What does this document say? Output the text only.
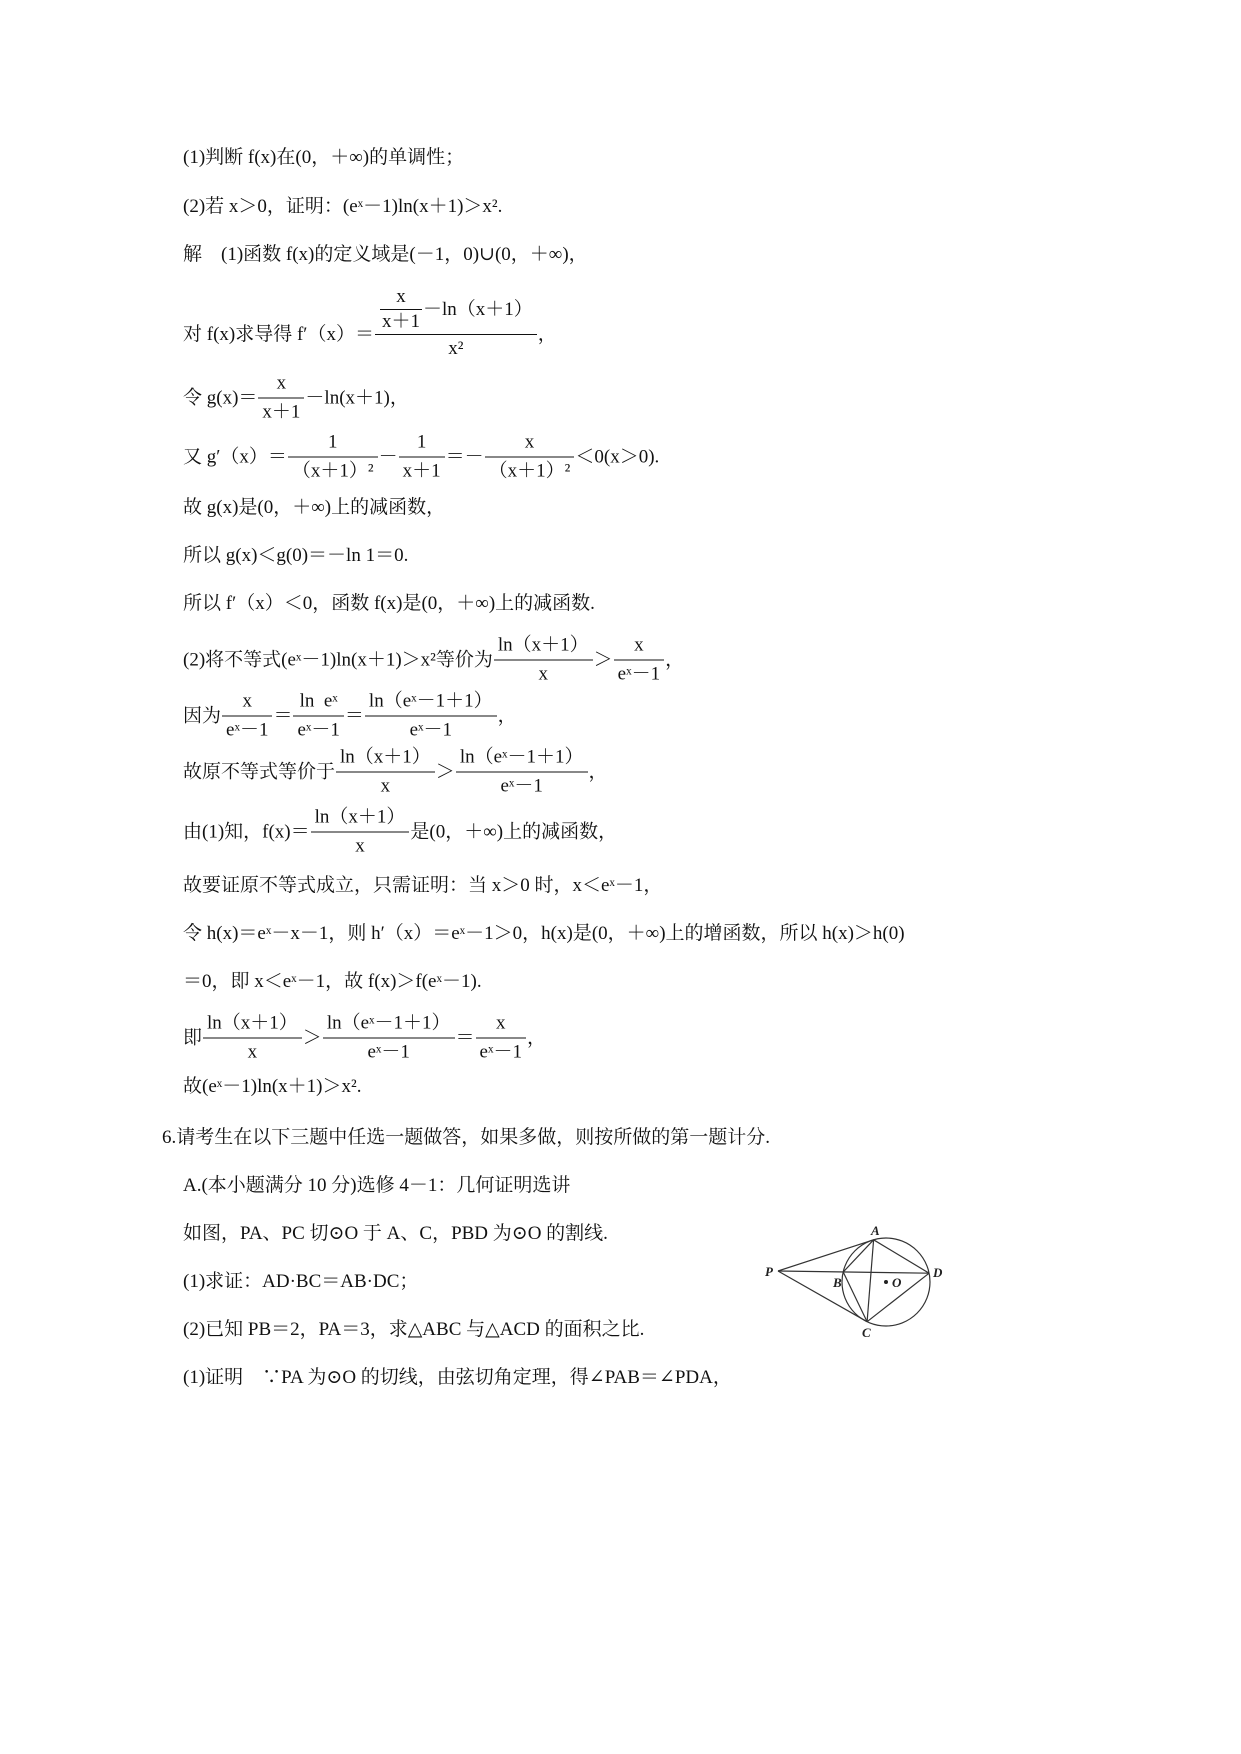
(1)判断 f(x)在(0，＋∞)的单调性；
(2)若 x＞0，证明：(eˣ－1)ln(x＋1)＞x².
解　(1)函数 f(x)的定义域是(－1，0)∪(0，＋∞)，
对 f(x)求导得 $f'(x)= \frac{\frac{x}{x+1} -\ln(x+1)}{\text{x²}}$ ，
令 $g(x)= \frac{x}{x+1} -\ln(x+1)$，
又 $g'(x)= \frac{1}{\text{（x＋1）²}} - \frac{1}{x+1} =- \frac{x}{\text{（x＋1）²}} <0(x>0)$.
故 g(x)是(0，＋∞)上的减函数，
所以 g(x)＜g(0)＝－ln 1＝0.
所以 f′（x）＜0，函数 f(x)是(0，＋∞)上的减函数.
(2)将不等式(eˣ－1)ln(x＋1)＞x²等价为 $\frac{\ln(x+1)}{x} > \frac{x}{\text{eˣ－1}}$ ，
因为 $\frac{x}{\text{eˣ－1}} = \frac{\text{ln  eˣ}}{\text{eˣ－1}} = \frac{\text{ln（eˣ－1＋1）}}{\text{eˣ－1}}$ ，
故原不等式等价于 $\frac{\ln(x+1)}{x} > \frac{\text{ln（eˣ－1＋1）}}{\text{eˣ－1}}$ ，
由(1)知，$f(x)= \frac{\ln(x+1)}{x}$ 是(0，＋∞)上的减函数，
故要证原不等式成立，只需证明：当 x＞0 时，x＜eˣ－1，
令 h(x)＝eˣ－x－1，则 h′（x）＝eˣ－1＞0，h(x)是(0，＋∞)上的增函数，所以 h(x)＞h(0)
＝0，即 x＜eˣ－1，故 f(x)＞f(eˣ－1).
即 $\frac{\ln(x+1)}{x} > \frac{\text{ln（eˣ－1＋1）}}{\text{eˣ－1}} = \frac{x}{\text{eˣ－1}}$ ，
故(eˣ－1)ln(x＋1)＞x².
6.请考生在以下三题中任选一题做答，如果多做，则按所做的第一题计分.
A.(本小题满分 10 分)选修 4－1：几何证明选讲
如图，PA、PC 切⊙O 于 A、C，PBD 为⊙O 的割线.
(1)求证：AD·BC＝AB·DC；
(2)已知 PB＝2，PA＝3，求△ABC 与△ACD 的面积之比.
(1)证明　∵PA 为⊙O 的切线，由弦切角定理，得∠PAB＝∠PDA，
A
P
B	O
D
C
